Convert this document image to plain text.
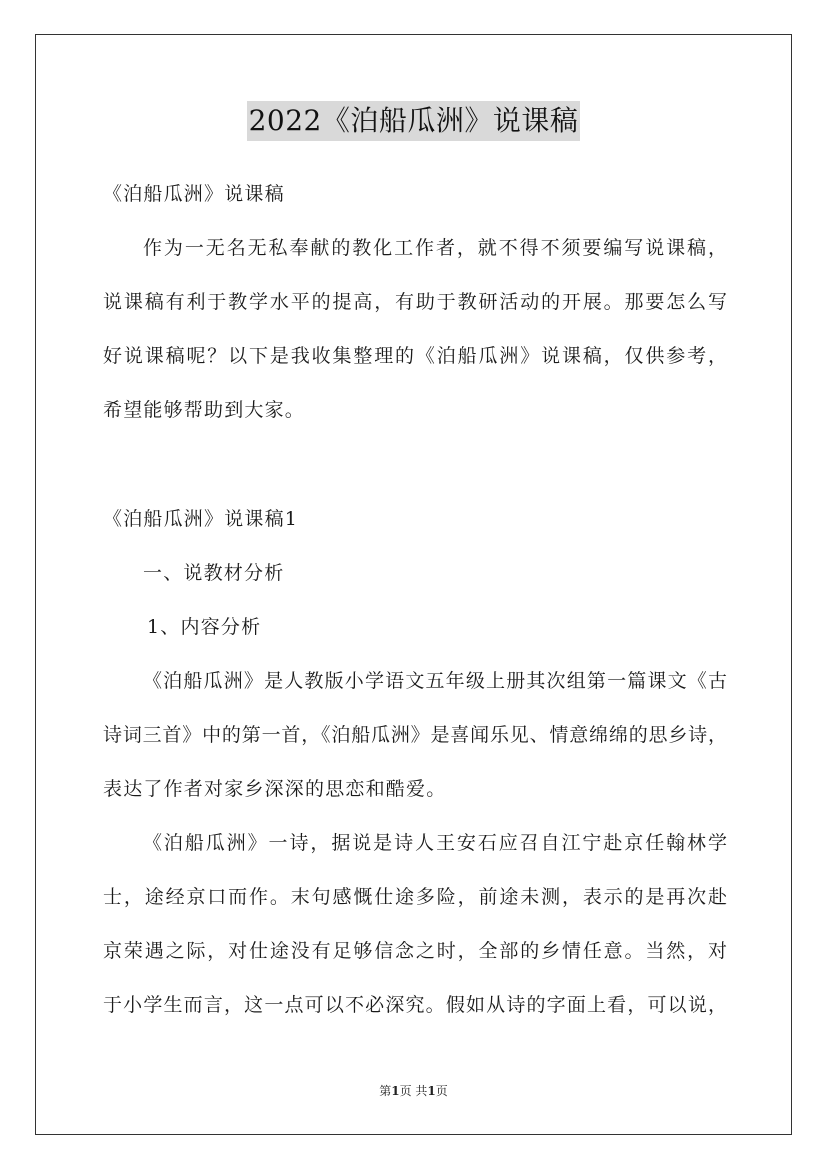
2022《泊船瓜洲》说课稿
《泊船瓜洲》说课稿
作为一无名无私奉献的教化工作者，就不得不须要编写说课稿，
说课稿有利于教学水平的提高，有助于教研活动的开展。那要怎么写
好说课稿呢？以下是我收集整理的《泊船瓜洲》说课稿，仅供参考，
希望能够帮助到大家。
《泊船瓜洲》说课稿1
一、说教材分析
1、内容分析
《泊船瓜洲》是人教版小学语文五年级上册其次组第一篇课文《古
诗词三首》中的第一首，《泊船瓜洲》是喜闻乐见、情意绵绵的思乡诗，
表达了作者对家乡深深的思恋和酷爱。
《泊船瓜洲》一诗，据说是诗人王安石应召自江宁赴京任翰林学
士，途经京口而作。末句感慨仕途多险，前途未测，表示的是再次赴
京荣遇之际，对仕途没有足够信念之时，全部的乡情任意。当然，对
于小学生而言，这一点可以不必深究。假如从诗的字面上看，可以说，
第1页 共1页
